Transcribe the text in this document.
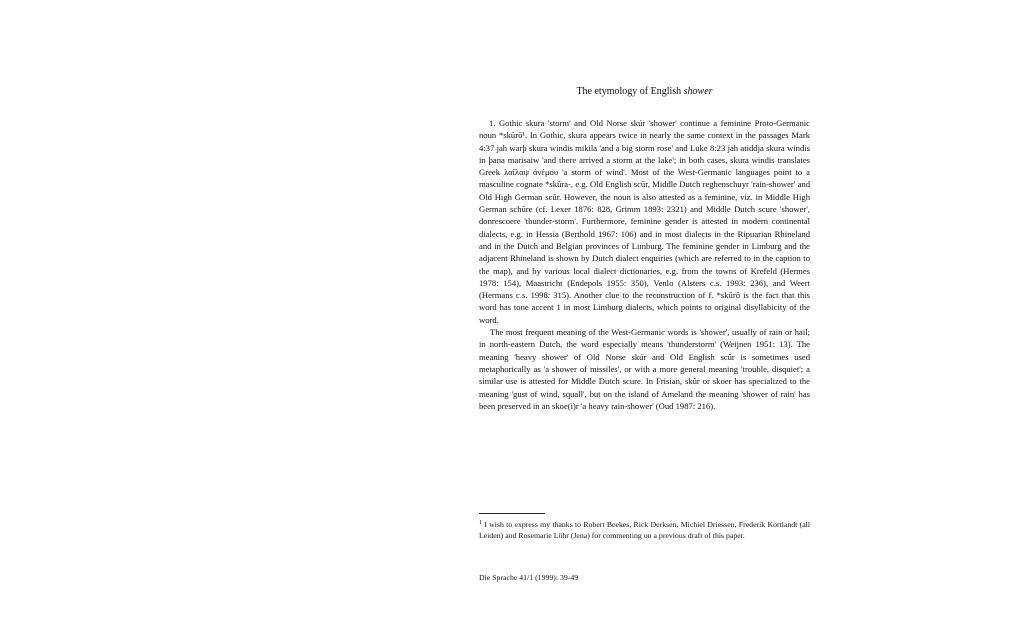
The etymology of English shower

1. Gothic skura 'storm' and Old Norse skúr 'shower' continue a feminine Proto-Germanic noun *skūrō¹. In Gothic, skura appears twice in nearly the same context in the passages Mark 4:37 jah warþ skura windis mikila 'and a big storm rose' and Luke 8:23 jah atiddja skura windis in þana marisaiw 'and there arrived a storm at the lake'; in both cases, skura windis translates Greek λαῖλαψ ἀνέμου 'a storm of wind'. Most of the West-Germanic languages point to a masculine cognate *skūra-, e.g. Old English scūr, Middle Dutch reghenschuyr 'rain-shower' and Old High German scūr. However, the noun is also attested as a feminine, viz. in Middle High German schūre (cf. Lexer 1876: 828, Grimm 1893: 2321) and Middle Dutch scure 'shower', donrescoere 'thunder-storm'. Furthermore, feminine gender is attested in modern continental dialects, e.g. in Hessia (Berthold 1967: 106) and in most dialects in the Ripuarian Rhineland and in the Dutch and Belgian provinces of Limburg. The feminine gender in Limburg and the adjacent Rhineland is shown by Dutch dialect enquiries (which are referred to in the caption to the map), and by various local dialect dictionaries, e.g. from the towns of Krefeld (Hermes 1978: 154), Maastricht (Endepols 1955: 350), Venlo (Alsters c.s. 1993: 236), and Weert (Hermans c.s. 1998: 315). Another clue to the reconstruction of f. *skūrō is the fact that this word has tone accent 1 in most Limburg dialects, which points to original disyllabicity of the word.

The most frequent meaning of the West-Germanic words is 'shower', usually of rain or hail; in north-eastern Dutch, the word especially means 'thunderstorm' (Weijnen 1951: 13). The meaning 'heavy shower' of Old Norse skúr and Old English scūr is sometimes used metaphorically as 'a shower of missiles', or with a more general meaning 'trouble, disquiet'; a similar use is attested for Middle Dutch scure. In Frisian, skûr or skoer has specialized to the meaning 'gust of wind, squall', but on the island of Ameland the meaning 'shower of rain' has been preserved in an skoe(i)r 'a heavy rain-shower' (Oud 1987: 216).

$^1$ I wish to express my thanks to Robert Beekes, Rick Derksen, Michiel Driessen, Frederik Kortlandt (all Leiden) and Rosemarie Lühr (Jena) for commenting on a previous draft of this paper.
Die Sprache 41/1 (1999): 39-49
